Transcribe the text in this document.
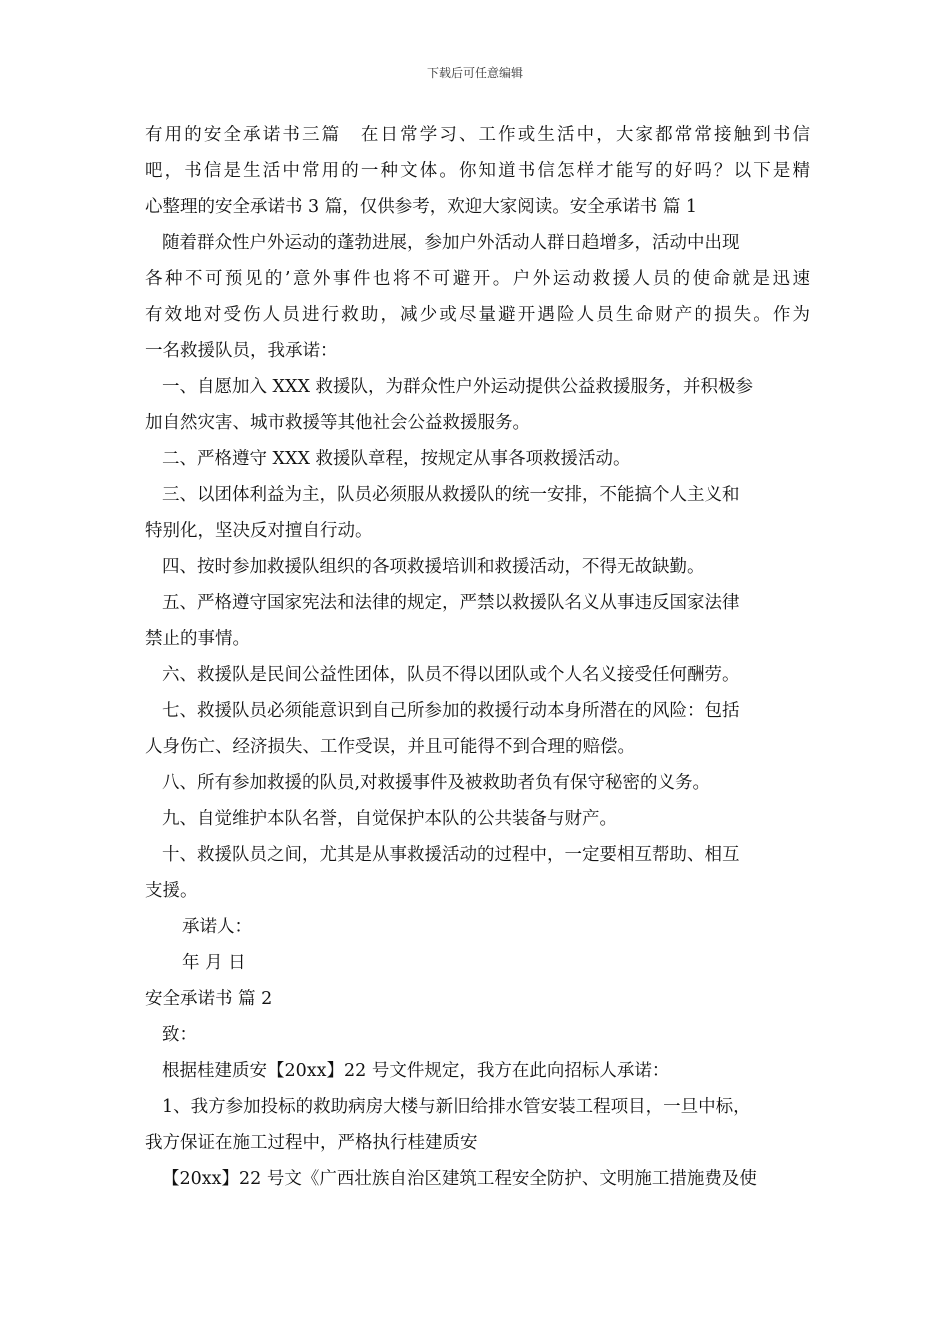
下载后可任意编辑
有用的安全承诺书三篇　在日常学习、工作或生活中，大家都常常接触到书信
吧，书信是生活中常用的一种文体。你知道书信怎样才能写的好吗？以下是精
心整理的安全承诺书 3 篇，仅供参考，欢迎大家阅读。安全承诺书 篇 1
随着群众性户外运动的蓬勃进展，参加户外活动人群日趋增多，活动中出现
各种不可预见的’意外事件也将不可避开。户外运动救援人员的使命就是迅速
有效地对受伤人员进行救助，减少或尽量避开遇险人员生命财产的损失。作为
一名救援队员，我承诺：
一、自愿加入 XXX 救援队，为群众性户外运动提供公益救援服务，并积极参
加自然灾害、城市救援等其他社会公益救援服务。
二、严格遵守 XXX 救援队章程，按规定从事各项救援活动。
三、以团体利益为主，队员必须服从救援队的统一安排，不能搞个人主义和
特别化，坚决反对擅自行动。
四、按时参加救援队组织的各项救援培训和救援活动，不得无故缺勤。
五、严格遵守国家宪法和法律的规定，严禁以救援队名义从事违反国家法律
禁止的事情。
六、救援队是民间公益性团体，队员不得以团队或个人名义接受任何酬劳。
七、救援队员必须能意识到自己所参加的救援行动本身所潜在的风险：包括
人身伤亡、经济损失、工作受误，并且可能得不到合理的赔偿。
八、所有参加救援的队员,对救援事件及被救助者负有保守秘密的义务。
九、自觉维护本队名誉，自觉保护本队的公共装备与财产。
十、救援队员之间，尤其是从事救援活动的过程中，一定要相互帮助、相互
支援。
承诺人：
年 月 日
安全承诺书 篇 2
致：
根据桂建质安【20xx】22 号文件规定，我方在此向招标人承诺：
1、我方参加投标的救助病房大楼与新旧给排水管安装工程项目，一旦中标，
我方保证在施工过程中，严格执行桂建质安
【20xx】22 号文《广西壮族自治区建筑工程安全防护、文明施工措施费及使
